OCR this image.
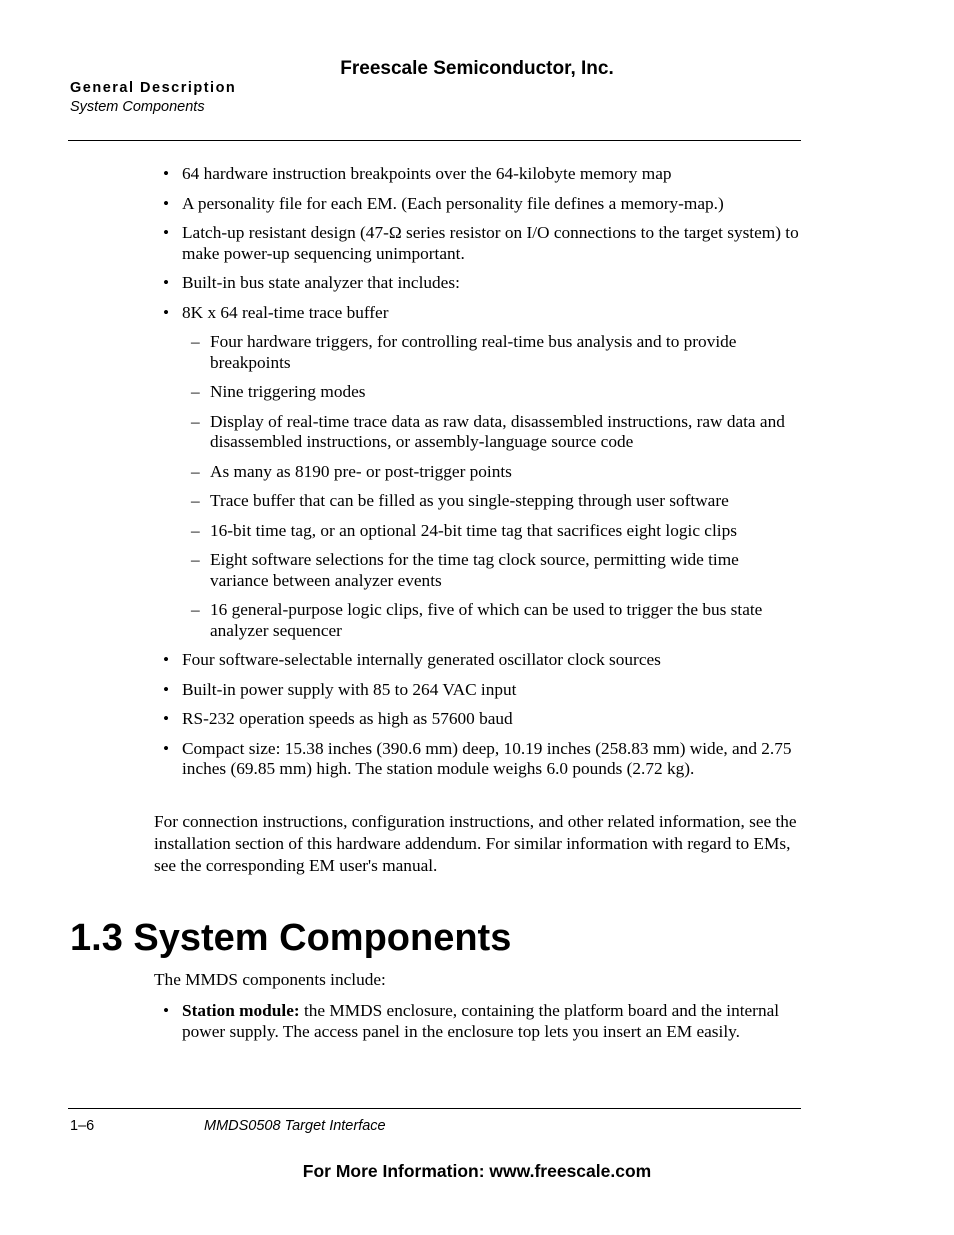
Freescale Semiconductor, Inc.
General Description
System Components
• 64 hardware instruction breakpoints over the 64-kilobyte memory map
• A personality file for each EM. (Each personality file defines a memory-map.)
• Latch-up resistant design (47-Ω series resistor on I/O connections to the target system) to make power-up sequencing unimportant.
• Built-in bus state analyzer that includes:
• 8K x 64 real-time trace buffer
– Four hardware triggers, for controlling real-time bus analysis and to provide breakpoints
– Nine triggering modes
– Display of real-time trace data as raw data, disassembled instructions, raw data and disassembled instructions, or assembly-language source code
– As many as 8190 pre- or post-trigger points
– Trace buffer that can be filled as you single-stepping through user software
– 16-bit time tag, or an optional 24-bit time tag that sacrifices eight logic clips
– Eight software selections for the time tag clock source, permitting wide time variance between analyzer events
– 16 general-purpose logic clips, five of which can be used to trigger the bus state analyzer sequencer
• Four software-selectable internally generated oscillator clock sources
• Built-in power supply with 85 to 264 VAC input
• RS-232 operation speeds as high as 57600 baud
• Compact size: 15.38 inches (390.6 mm) deep, 10.19 inches (258.83 mm) wide, and 2.75 inches (69.85 mm) high. The station module weighs 6.0 pounds (2.72 kg).

For connection instructions, configuration instructions, and other related information, see the installation section of this hardware addendum. For similar information with regard to EMs, see the corresponding EM user's manual.

1.3 System Components

The MMDS components include:

• Station module: the MMDS enclosure, containing the platform board and the internal power supply. The access panel in the enclosure top lets you insert an EM easily.
1–6	MMDS0508 Target Interface
For More Information: www.freescale.com
